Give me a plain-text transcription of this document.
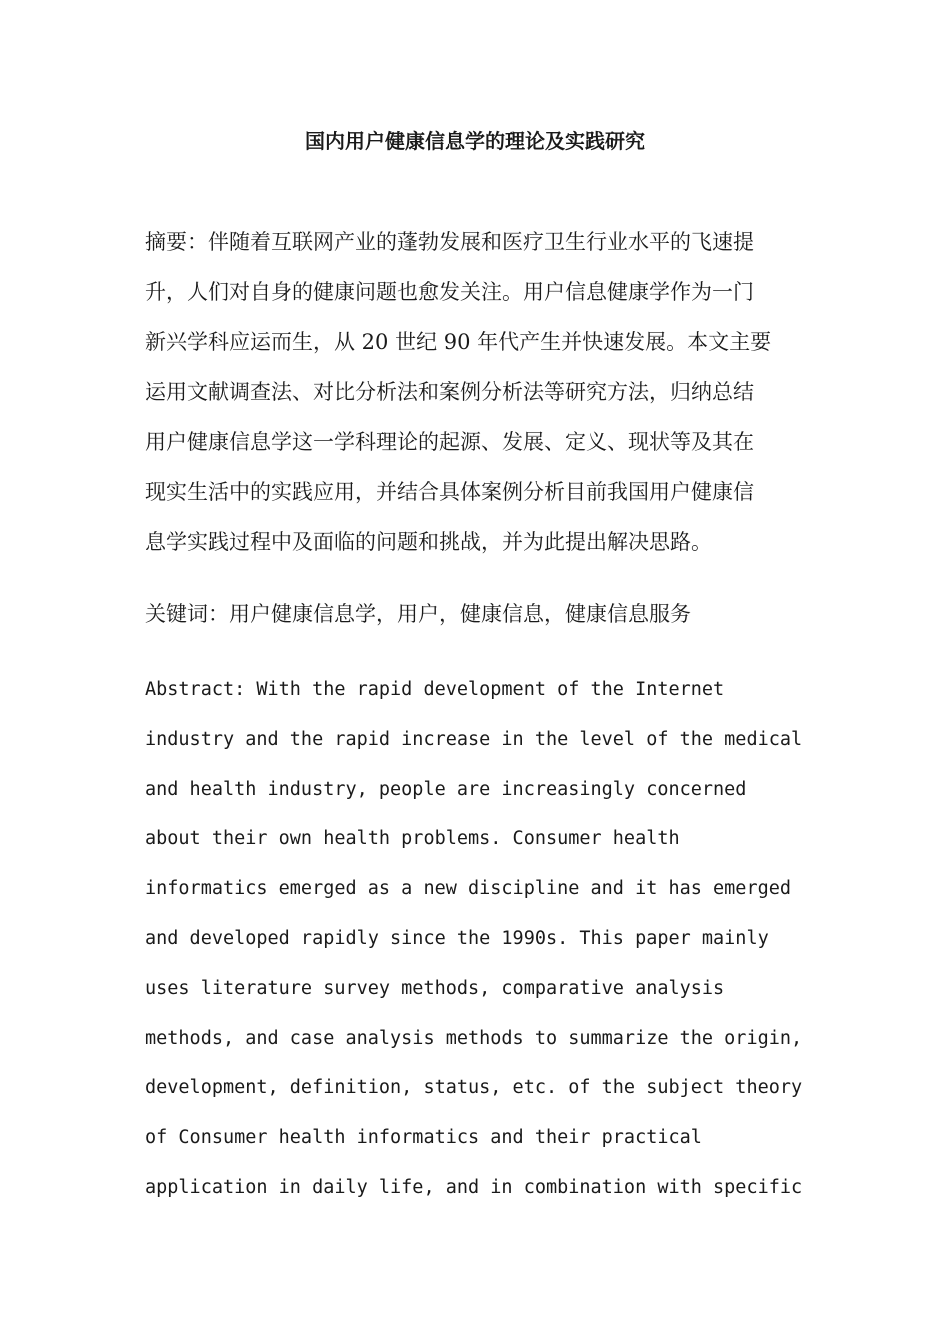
国内用户健康信息学的理论及实践研究
摘要：伴随着互联网产业的蓬勃发展和医疗卫生行业水平的飞速提
升，人们对自身的健康问题也愈发关注。用户信息健康学作为一门
新兴学科应运而生，从 20 世纪 90 年代产生并快速发展。本文主要
运用文献调查法、对比分析法和案例分析法等研究方法，归纳总结
用户健康信息学这一学科理论的起源、发展、定义、现状等及其在
现实生活中的实践应用，并结合具体案例分析目前我国用户健康信
息学实践过程中及面临的问题和挑战，并为此提出解决思路。
关键词：用户健康信息学，用户，健康信息，健康信息服务
Abstract: With the rapid development of the Internet
industry and the rapid increase in the level of the medical
and health industry, people are increasingly concerned
about their own health problems. Consumer health
informatics emerged as a new discipline and it has emerged
and developed rapidly since the 1990s. This paper mainly
uses literature survey methods, comparative analysis
methods, and case analysis methods to summarize the origin,
development, definition, status, etc. of the subject theory
of Consumer health informatics and their practical
application in daily life, and in combination with specific
